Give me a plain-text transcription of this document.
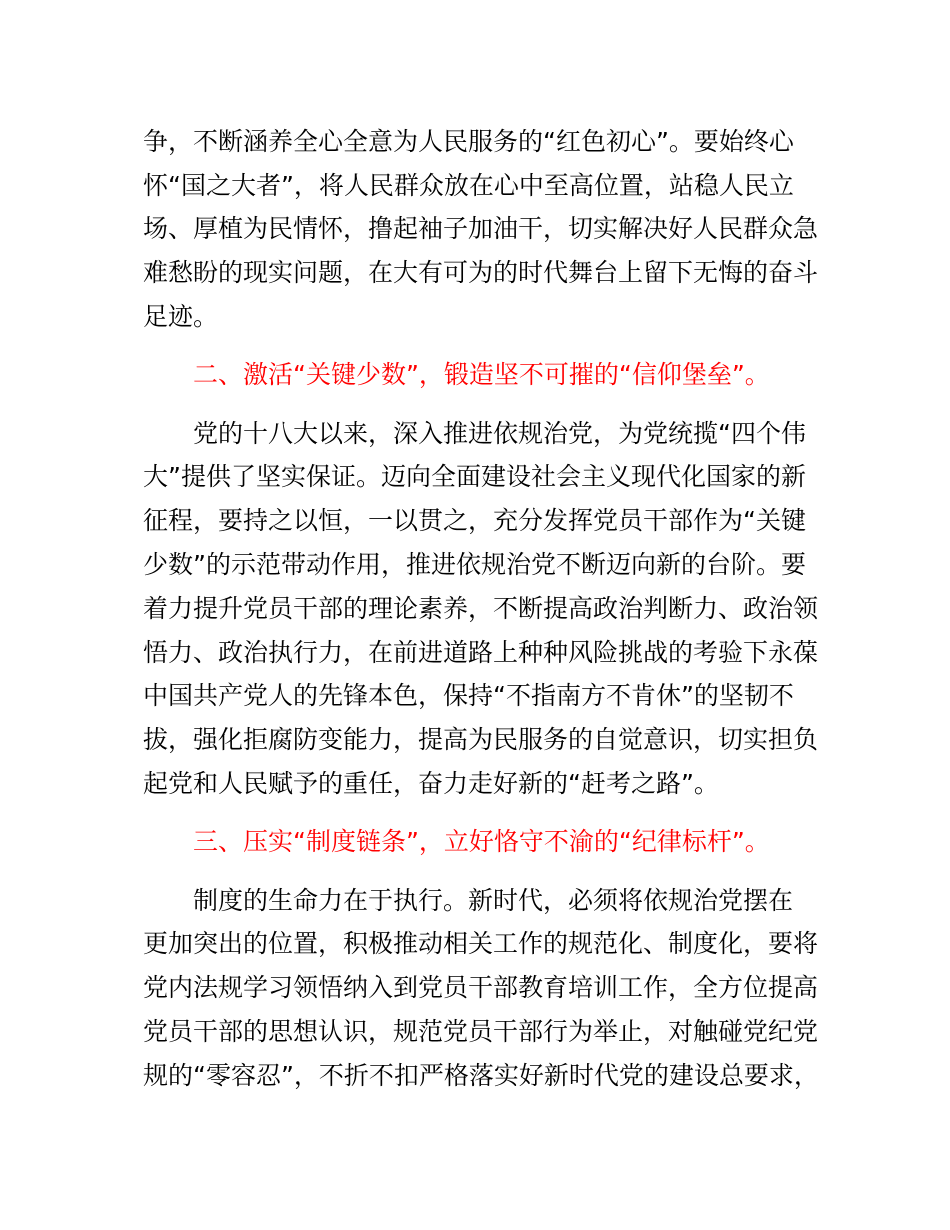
争，不断涵养全心全意为人民服务的“红色初心”。要始终心
怀“国之大者”，将人民群众放在心中至高位置，站稳人民立
场、厚植为民情怀，撸起袖子加油干，切实解决好人民群众急
难愁盼的现实问题，在大有可为的时代舞台上留下无悔的奋斗
足迹。
二、激活“关键少数”，锻造坚不可摧的“信仰堡垒”。
党的十八大以来，深入推进依规治党，为党统揽“四个伟
大”提供了坚实保证。迈向全面建设社会主义现代化国家的新
征程，要持之以恒，一以贯之，充分发挥党员干部作为“关键
少数”的示范带动作用，推进依规治党不断迈向新的台阶。要
着力提升党员干部的理论素养，不断提高政治判断力、政治领
悟力、政治执行力，在前进道路上种种风险挑战的考验下永葆
中国共产党人的先锋本色，保持“不指南方不肯休”的坚韧不
拔，强化拒腐防变能力，提高为民服务的自觉意识，切实担负
起党和人民赋予的重任，奋力走好新的“赶考之路”。
三、压实“制度链条”，立好恪守不渝的“纪律标杆”。
制度的生命力在于执行。新时代，必须将依规治党摆在
更加突出的位置，积极推动相关工作的规范化、制度化，要将
党内法规学习领悟纳入到党员干部教育培训工作，全方位提高
党员干部的思想认识，规范党员干部行为举止，对触碰党纪党
规的“零容忍”，不折不扣严格落实好新时代党的建设总要求，
